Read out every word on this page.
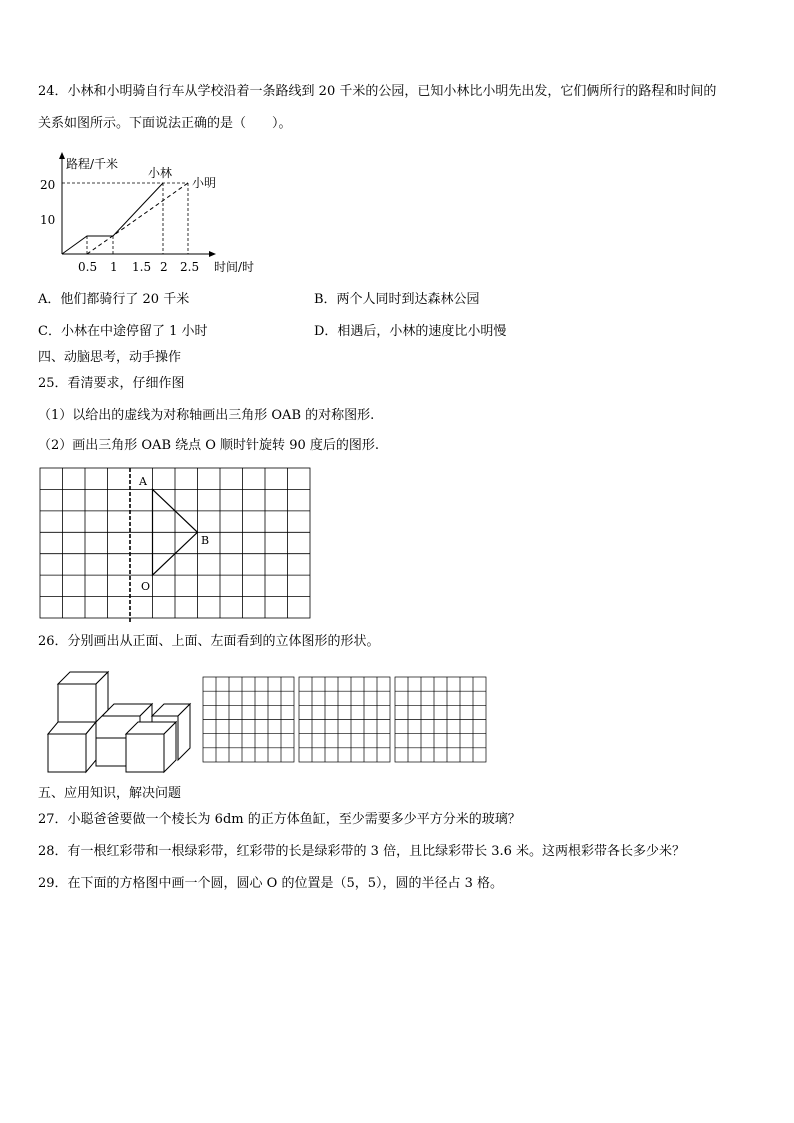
24．小林和小明骑自行车从学校沿着一条路线到 20 千米的公园，已知小林比小明先出发，它们俩所行的路程和时间的
关系如图所示。下面说法正确的是（　　）。
路程/千米
时间/时
10
20
0.5 1 1.5 2 2.5
小林
小明
A．他们都骑行了 20 千米	B．两个人同时到达森林公园
C．小林在中途停留了 1 小时	D．相遇后，小林的速度比小明慢
四、动脑思考，动手操作
25．看清要求，仔细作图
（1）以给出的虚线为对称轴画出三角形 OAB 的对称图形.
（2）画出三角形 OAB 绕点 O 顺时针旋转 90 度后的图形.
A
B
O
26．分别画出从正面、上面、左面看到的立体图形的形状。
五、应用知识，解决问题
27．小聪爸爸要做一个棱长为 6dm 的正方体鱼缸，至少需要多少平方分米的玻璃？
28．有一根红彩带和一根绿彩带，红彩带的长是绿彩带的 3 倍，且比绿彩带长 3.6 米。这两根彩带各长多少米？
29．在下面的方格图中画一个圆，圆心 O 的位置是（5，5），圆的半径占 3 格。
